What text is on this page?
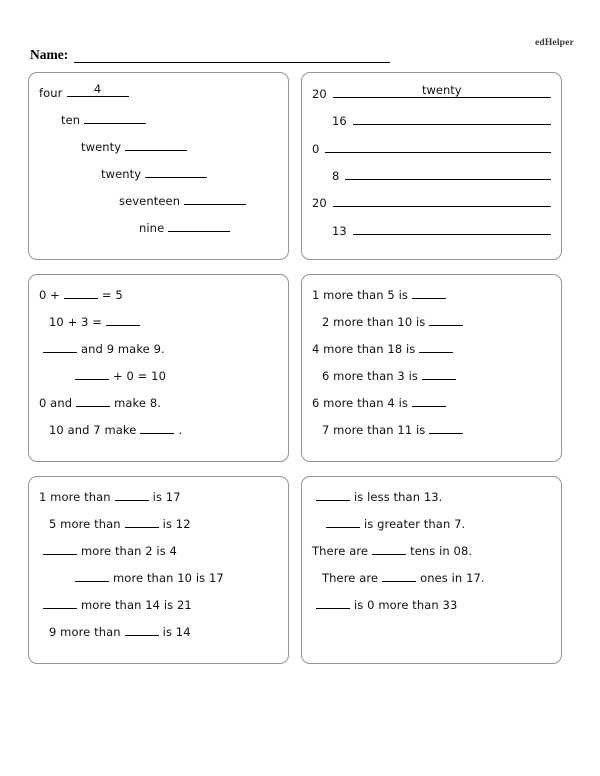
edHelper
Name:
four	4
ten
twenty
twenty
seventeen
nine
20	twenty
16
0
8
20
13
0 +	= 5
10 + 3 =
and 9 make 9.
+ 0 = 10
0 and	make 8.
10 and 7 make	.
1 more than 5 is
2 more than 10 is
4 more than 18 is
6 more than 3 is
6 more than 4 is
7 more than 11 is
1 more than	is 17
5 more than	is 12
more than 2 is 4
more than 10 is 17
more than 14 is 21
9 more than	is 14
is less than 13.
is greater than 7.
There are	tens in 08.
There are	ones in 17.
is 0 more than 33
